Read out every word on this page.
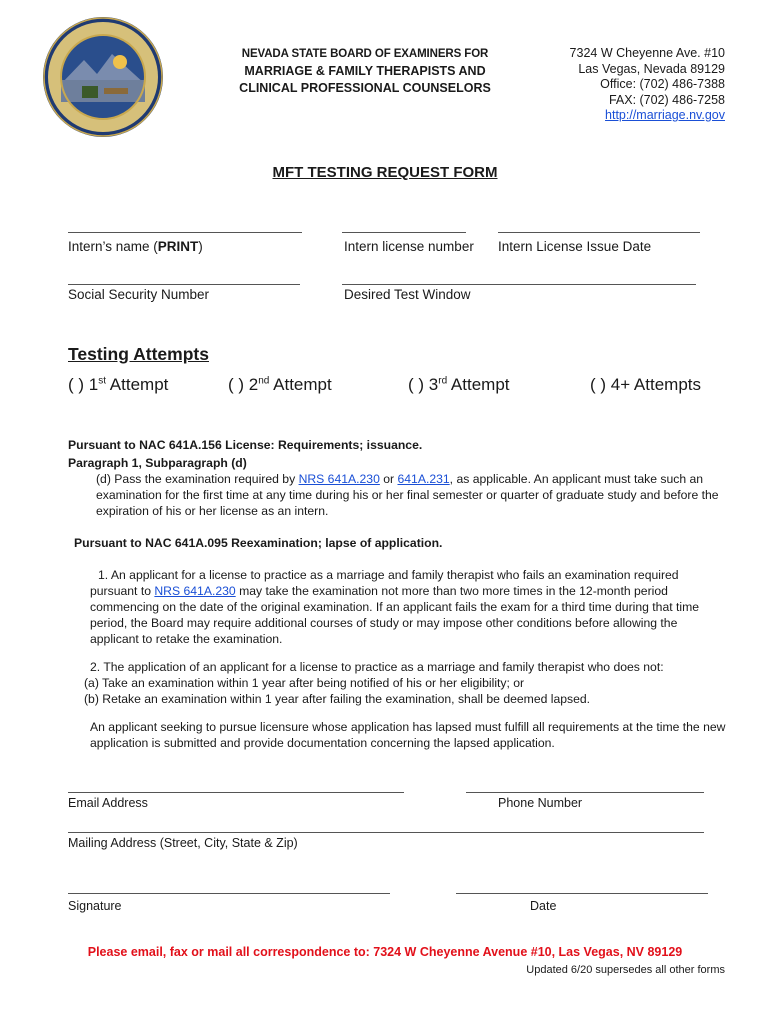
NEVADA STATE BOARD OF EXAMINERS FOR
MARRIAGE & FAMILY THERAPISTS AND
CLINICAL PROFESSIONAL COUNSELORS
7324 W Cheyenne Ave. #10
Las Vegas, Nevada 89129
Office: (702) 486-7388
FAX: (702) 486-7258
http://marriage.nv.gov
MFT TESTING REQUEST FORM
Intern’s name (PRINT)	Intern license number Intern License Issue Date
Social Security Number	Desired Test Window
Testing Attempts
( ) 1st Attempt	( ) 2nd Attempt	( ) 3rd Attempt	( ) 4+ Attempts
Pursuant to NAC 641A.156 License: Requirements; issuance.
Paragraph 1, Subparagraph (d)
(d) Pass the examination required by NRS 641A.230 or 641A.231, as applicable. An applicant must take such an examination for the first time at any time during his or her final semester or quarter of graduate study and before the expiration of his or her license as an intern.
Pursuant to NAC 641A.095 Reexamination; lapse of application.
1. An applicant for a license to practice as a marriage and family therapist who fails an examination required pursuant to NRS 641A.230 may take the examination not more than two more times in the 12-month period commencing on the date of the original examination. If an applicant fails the exam for a third time during that time period, the Board may require additional courses of study or may impose other conditions before allowing the applicant to retake the examination.
2. The application of an applicant for a license to practice as a marriage and family therapist who does not:
(a) Take an examination within 1 year after being notified of his or her eligibility; or
(b) Retake an examination within 1 year after failing the examination, shall be deemed lapsed.
An applicant seeking to pursue licensure whose application has lapsed must fulfill all requirements at the time the new application is submitted and provide documentation concerning the lapsed application.
Email Address	Phone Number
Mailing Address (Street, City, State & Zip)
Signature	Date
Please email, fax or mail all correspondence to: 7324 W Cheyenne Avenue #10, Las Vegas, NV 89129
Updated 6/20 supersedes all other forms
